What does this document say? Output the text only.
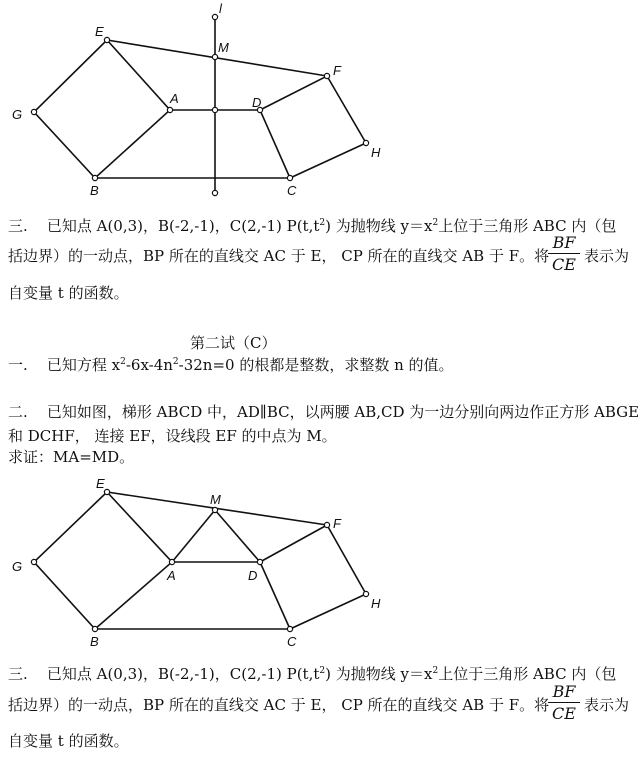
E
l
M
F
G
A	D
H
B	C
三. 已知点 A(0,3)，B(-2,-1)，C(2,-1) $P(t,t^2)$ 为抛物线 $y=x^2$上位于三角形 ABC 内（包
括边界）的一动点，BP 所在的直线交 AC 于 E， CP 所在的直线交 AB 于 F。将
$\frac{BF}{CE}$ 表示为
自变量 t 的函数。
第二试（C）
一. 已知方程 $x^2-6x-4n^2-32n=0$ 的根都是整数，求整数 n 的值。
二. 已知如图，梯形 ABCD 中，AD∥BC，以两腰 AB,CD 为一边分别向两边作正方形 ABGE
和 DCHF， 连接 EF，设线段 EF 的中点为 M。
求证：MA=MD。
E
M
F
G
A	D
H
B	C
三. 已知点 A(0,3)，B(-2,-1)，C(2,-1) $P(t,t^2)$ 为抛物线 $y=x^2$上位于三角形 ABC 内（包
括边界）的一动点，BP 所在的直线交 AC 于 E， CP 所在的直线交 AB 于 F。将
$\frac{BF}{CE}$ 表示为
自变量 t 的函数。
